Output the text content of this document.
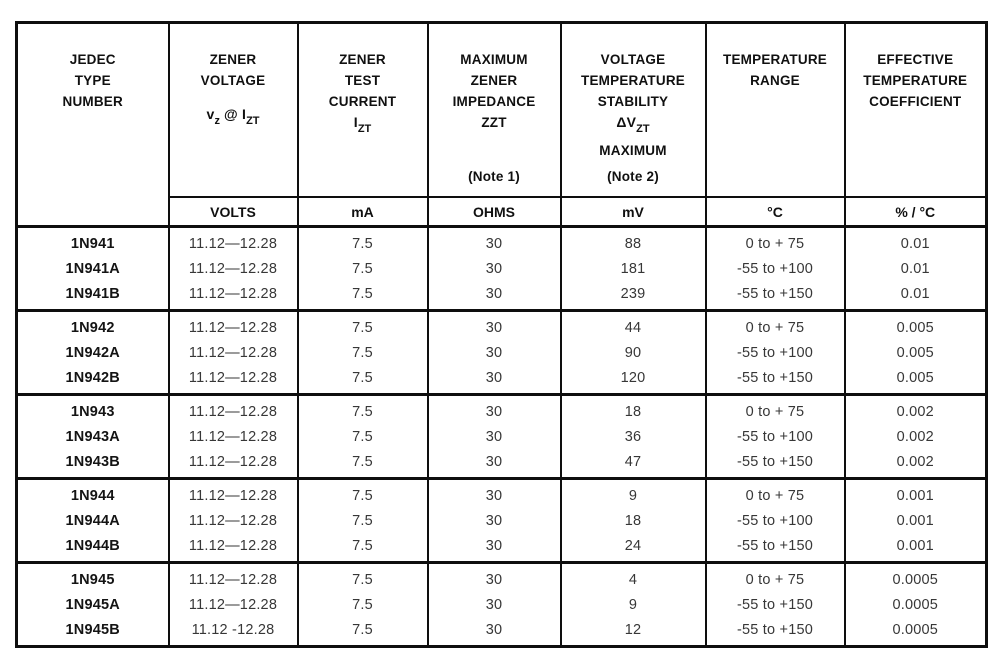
JEDEC
TYPE
NUMBER

ZENER
VOLTAGE
$v_z$ @ $I_{ZT}$

ZENER
TEST
CURRENT
$I_{ZT}$

MAXIMUM
ZENER
IMPEDANCE
ZZT
(Note 1)

VOLTAGE
TEMPERATURE
STABILITY
$\Delta V_{ZT}$
MAXIMUM
(Note 2)

TEMPERATURE
RANGE

EFFECTIVE
TEMPERATURE
COEFFICIENT

	VOLTS	mA	OHMS	mV	°C	% / °C
1N941	11.12—12.28	7.5	30	88	0 to + 75	0.01
1N941A	11.12—12.28	7.5	30	181	-55 to +100	0.01
1N941B	11.12—12.28	7.5	30	239	-55 to +150	0.01
1N942	11.12—12.28	7.5	30	44	0 to + 75	0.005
1N942A	11.12—12.28	7.5	30	90	-55 to +100	0.005
1N942B	11.12—12.28	7.5	30	120	-55 to +150	0.005
1N943	11.12—12.28	7.5	30	18	0 to + 75	0.002
1N943A	11.12—12.28	7.5	30	36	-55 to +100	0.002
1N943B	11.12—12.28	7.5	30	47	-55 to +150	0.002
1N944	11.12—12.28	7.5	30	9	0 to + 75	0.001
1N944A	11.12—12.28	7.5	30	18	-55 to +100	0.001
1N944B	11.12—12.28	7.5	30	24	-55 to +150	0.001
1N945	11.12—12.28	7.5	30	4	0 to + 75	0.0005
1N945A	11.12—12.28	7.5	30	9	-55 to +150	0.0005
1N945B	11.12 -12.28	7.5	30	12	-55 to +150	0.0005
